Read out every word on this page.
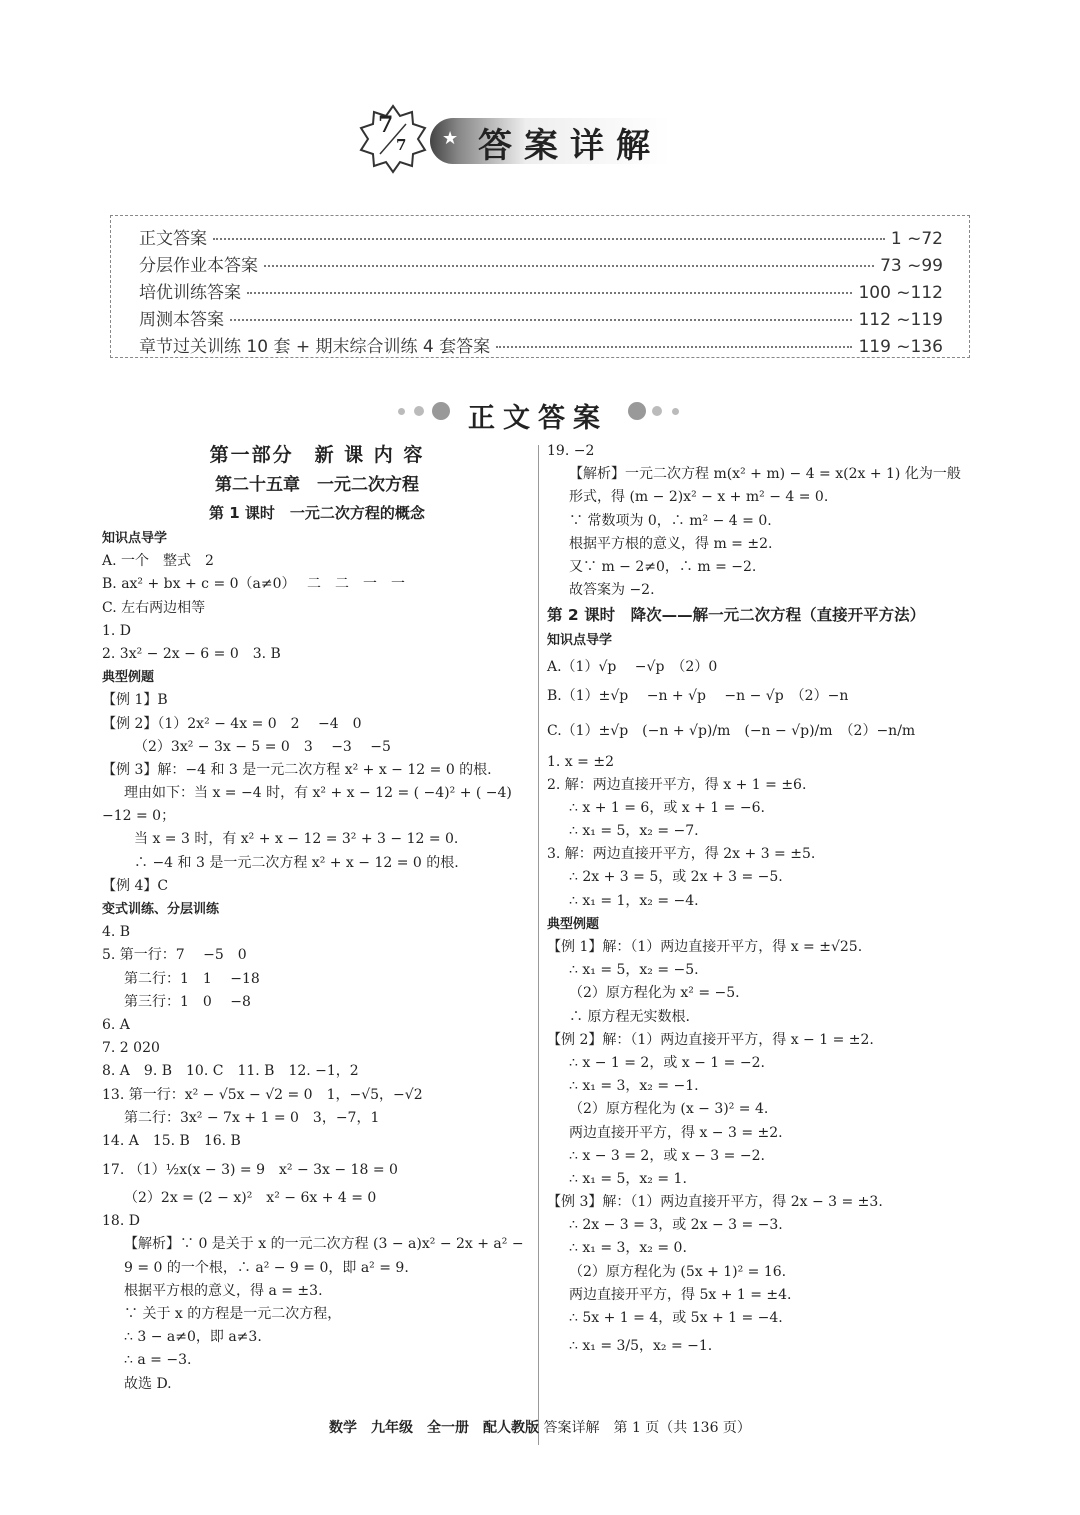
7
7 ★ 答案详解
正文答案	1 ~72
分层作业本答案	73 ~99
培优训练答案	100 ~112
周测本答案	112 ~119
章节过关训练 10 套 + 期末综合训练 4 套答案	119 ~136
正文答案
第一部分　新 课 内 容
第二十五章　一元二次方程
第 1 课时　一元二次方程的概念
知识点导学
A. 一个　整式　2
B. ax² + bx + c = 0（a≠0）　 二　二　一　一
C. 左右两边相等
1. D
2. 3x² − 2x − 6 = 0　3. B
典型例题
【例 1】B
【例 2】（1）2x² − 4x = 0　2　 −4　0
（2）3x² − 3x − 5 = 0　3　 −3　 −5
【例 3】解：−4 和 3 是一元二次方程 x² + x − 12 = 0 的根.
理由如下：当 x = −4 时，有 x² + x − 12 = ( −4)² + ( −4)
−12 = 0；
当 x = 3 时，有 x² + x − 12 = 3² + 3 − 12 = 0.
∴ −4 和 3 是一元二次方程 x² + x − 12 = 0 的根.
【例 4】C
变式训练、分层训练
4. B
5. 第一行：7　 −5　0
第二行：1　1　 −18
第三行：1　0　 −8
6. A
7. 2 020
8. A　9. B　10. C　11. B　12. −1，2
13. 第一行：x² − √5x − √2 = 0　1，−√5，−√2
第二行：3x² − 7x + 1 = 0　3，−7，1
14. A　15. B　16. B
17. （1）½x(x − 3) = 9　x² − 3x − 18 = 0
（2）2x = (2 − x)²　x² − 6x + 4 = 0
18. D
【解析】∵ 0 是关于 x 的一元二次方程 (3 − a)x² − 2x + a² −
9 = 0 的一个根，∴ a² − 9 = 0，即 a² = 9.
根据平方根的意义，得 a = ±3.
∵ 关于 x 的方程是一元二次方程，
∴ 3 − a≠0，即 a≠3.
∴ a = −3.
故选 D.
19. −2
【解析】一元二次方程 m(x² + m) − 4 = x(2x + 1) 化为一般
形式，得 (m − 2)x² − x + m² − 4 = 0.
∵ 常数项为 0，∴ m² − 4 = 0.
根据平方根的意义，得 m = ±2.
又∵ m − 2≠0，∴ m = −2.
故答案为 −2.
第 2 课时　降次——解一元二次方程（直接开平方法）
知识点导学
A.（1）√p　 −√p　（2）0
B.（1）±√p　 −n + √p　 −n − √p　（2）−n
C.（1）±√p　(−n + √p)/m　(−n − √p)/m　（2）−n/m
1. x = ±2
2. 解：两边直接开平方，得 x + 1 = ±6.
∴ x + 1 = 6，或 x + 1 = −6.
∴ x₁ = 5，x₂ = −7.
3. 解：两边直接开平方，得 2x + 3 = ±5.
∴ 2x + 3 = 5，或 2x + 3 = −5.
∴ x₁ = 1，x₂ = −4.
典型例题
【例 1】解：（1）两边直接开平方，得 x = ±√25.
∴ x₁ = 5，x₂ = −5.
（2）原方程化为 x² = −5.
∴ 原方程无实数根.
【例 2】解：（1）两边直接开平方，得 x − 1 = ±2.
∴ x − 1 = 2，或 x − 1 = −2.
∴ x₁ = 3，x₂ = −1.
（2）原方程化为 (x − 3)² = 4.
两边直接开平方，得 x − 3 = ±2.
∴ x − 3 = 2，或 x − 3 = −2.
∴ x₁ = 5，x₂ = 1.
【例 3】解：（1）两边直接开平方，得 2x − 3 = ±3.
∴ 2x − 3 = 3，或 2x − 3 = −3.
∴ x₁ = 3，x₂ = 0.
（2）原方程化为 (5x + 1)² = 16.
两边直接开平方，得 5x + 1 = ±4.
∴ 5x + 1 = 4，或 5x + 1 = −4.
∴ x₁ = 3/5，x₂ = −1.
数学　九年级　全一册　配人教版 答案详解　第 1 页（共 136 页）
